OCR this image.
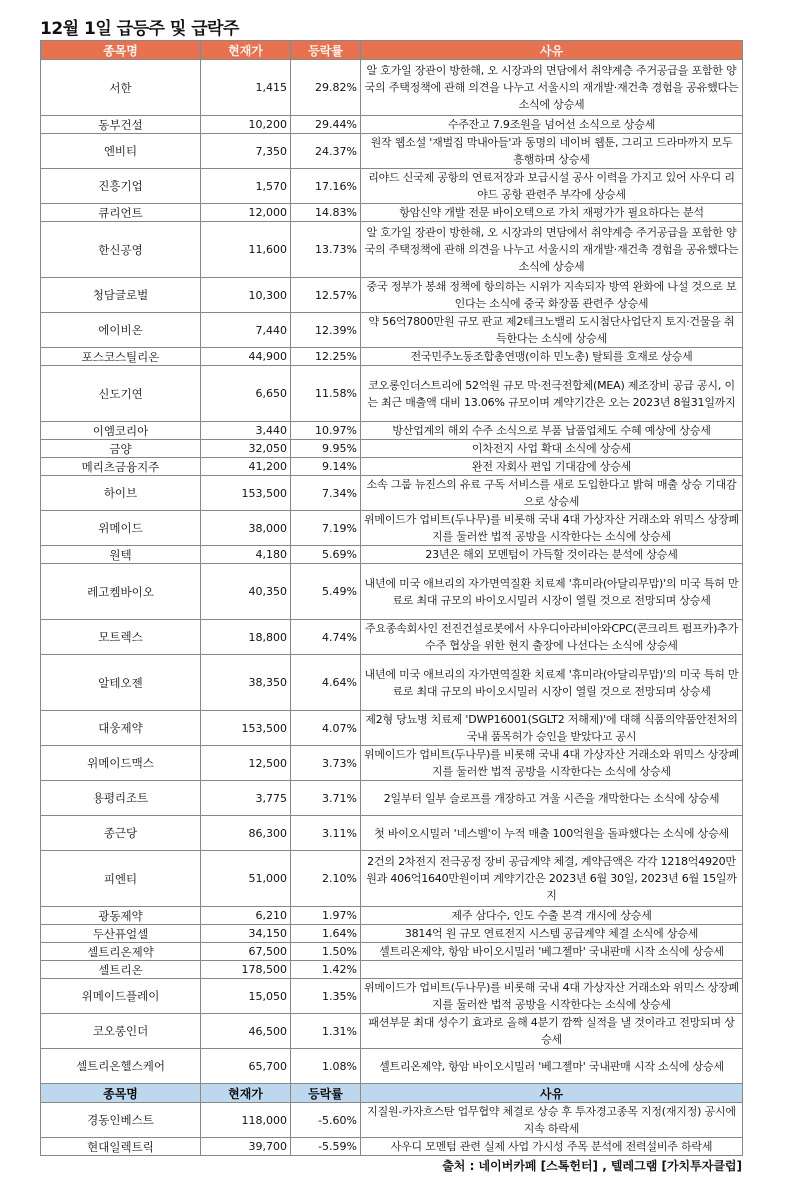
12월 1일 급등주 및 급락주
종목명	현재가	등락률	사유
서한	1,415	29.82%	알 호가일 장관이 방한해, 오 시장과의 면담에서 취약계층 주거공급을 포함한 양국의 주택정책에 관해 의견을 나누고 서울시의 재개발·재건축 경험을 공유했다는 소식에 상승세
동부건설	10,200	29.44%	수주잔고 7.9조원을 넘어선 소식으로 상승세
엔비티	7,350	24.37%	원작 웹소설 '재벌집 막내아들'과 동명의 네이버 웹툰, 그리고 드라마까지 모두 흥행하며 상승세
진흥기업	1,570	17.16%	리야드 신국제 공항의 연료저장과 보급시설 공사 이력을 가지고 있어 사우디 리야드 공항 관련주 부각에 상승세
큐리언트	12,000	14.83%	항암신약 개발 전문 바이오텍으로 가치 재평가가 필요하다는 분석
한신공영	11,600	13.73%	알 호가일 장관이 방한해, 오 시장과의 면담에서 취약계층 주거공급을 포함한 양국의 주택정책에 관해 의견을 나누고 서울시의 재개발·재건축 경험을 공유했다는 소식에 상승세
청담글로벌	10,300	12.57%	중국 정부가 봉쇄 정책에 항의하는 시위가 지속되자 방역 완화에 나설 것으로 보인다는 소식에 중국 화장품 관련주 상승세
에이비온	7,440	12.39%	약 56억7800만원 규모 판교 제2테크노밸리 도시첨단사업단지 토지·건물을 취득한다는 소식에 상승세
포스코스틸리온	44,900	12.25%	전국민주노동조합총연맹(이하 민노총) 탈퇴를 호재로 상승세
신도기연	6,650	11.58%	코오롱인더스트리에 52억원 규모 막·전극전합체(MEA) 제조장비 공급 공시, 이는 최근 매출액 대비 13.06% 규모이며 계약기간은 오는 2023년 8월31일까지
이엠코리아	3,440	10.97%	방산업계의 해외 수주 소식으로 부품 납품업체도 수혜 예상에 상승세
금양	32,050	9.95%	이차전지 사업 확대 소식에 상승세
메리츠금융지주	41,200	9.14%	완전 자회사 편입 기대감에 상승세
하이브	153,500	7.34%	소속 그룹 뉴진스의 유료 구독 서비스를 새로 도입한다고 밝혀 매출 상승 기대감으로 상승세
위메이드	38,000	7.19%	위메이드가 업비트(두나무)를 비롯해 국내 4대 가상자산 거래소와 위믹스 상장폐지를 둘러싼 법적 공방을 시작한다는 소식에 상승세
원텍	4,180	5.69%	23년은 해외 모멘텀이 가득할 것이라는 분석에 상승세
레고켐바이오	40,350	5.49%	내년에 미국 애브리의 자가면역질환 치료제 '휴미라(아달리무맙)'의 미국 특허 만료로 최대 규모의 바이오시밀러 시장이 열릴 것으로 전망되며 상승세
모트렉스	18,800	4.74%	주요종속회사인 전진건설로봇에서 사우디아라비아와CPC(콘크리트 펌프카)추가 수주 협상을 위한 현지 출장에 나선다는 소식에 상승세
알테오젠	38,350	4.64%	내년에 미국 애브리의 자가면역질환 치료제 '휴미라(아달리무맙)'의 미국 특허 만료로 최대 규모의 바이오시밀러 시장이 열릴 것으로 전망되며 상승세
대웅제약	153,500	4.07%	제2형 당뇨병 치료제 'DWP16001(SGLT2 저해제)'에 대해 식품의약품안전처의 국내 품목허가 승인을 받았다고 공시
위메이드맥스	12,500	3.73%	위메이드가 업비트(두나무)를 비롯해 국내 4대 가상자산 거래소와 위믹스 상장폐지를 둘러싼 법적 공방을 시작한다는 소식에 상승세
용평리조트	3,775	3.71%	2일부터 일부 슬로프를 개장하고 겨울 시즌을 개막한다는 소식에 상승세
종근당	86,300	3.11%	첫 바이오시밀러 '네스벨'이 누적 매출 100억원을 돌파했다는 소식에 상승세
피엔티	51,000	2.10%	2건의 2차전지 전극공정 장비 공급계약 체결, 계약금액은 각각 1218억4920만원과 406억1640만원이며 계약기간은 2023년 6월 30일, 2023년 6월 15일까지
광동제약	6,210	1.97%	제주 삼다수, 인도 수출 본격 개시에 상승세
두산퓨얼셀	34,150	1.64%	3814억 원 규모 연료전지 시스템 공급계약 체결 소식에 상승세
셀트리온제약	67,500	1.50%	셀트리온제약, 항암 바이오시밀러 '베그젤마' 국내판매 시작 소식에 상승세
셀트리온	178,500	1.42%	
위메이드플레이	15,050	1.35%	위메이드가 업비트(두나무)를 비롯해 국내 4대 가상자산 거래소와 위믹스 상장폐지를 둘러싼 법적 공방을 시작한다는 소식에 상승세
코오롱인더	46,500	1.31%	패션부문 최대 성수기 효과로 올해 4분기 깜짝 실적을 낼 것이라고 전망되며 상승세
셀트리온헬스케어	65,700	1.08%	셀트리온제약, 항암 바이오시밀러 '베그젤마' 국내판매 시작 소식에 상승세
종목명	현재가	등락률	사유
경동인베스트	118,000	-5.60%	지질원-카자흐스탄 업무협약 체결로 상승 후 투자경고종목 지정(재지정) 공시에 지속 하락세
현대일렉트릭	39,700	-5.59%	사우디 모멘텀 관련 실제 사업 가시성 주목 분석에 전력설비주 하락세
출처 : 네이버카페 [스톡헌터] , 텔레그램 [가치투자클럽]
